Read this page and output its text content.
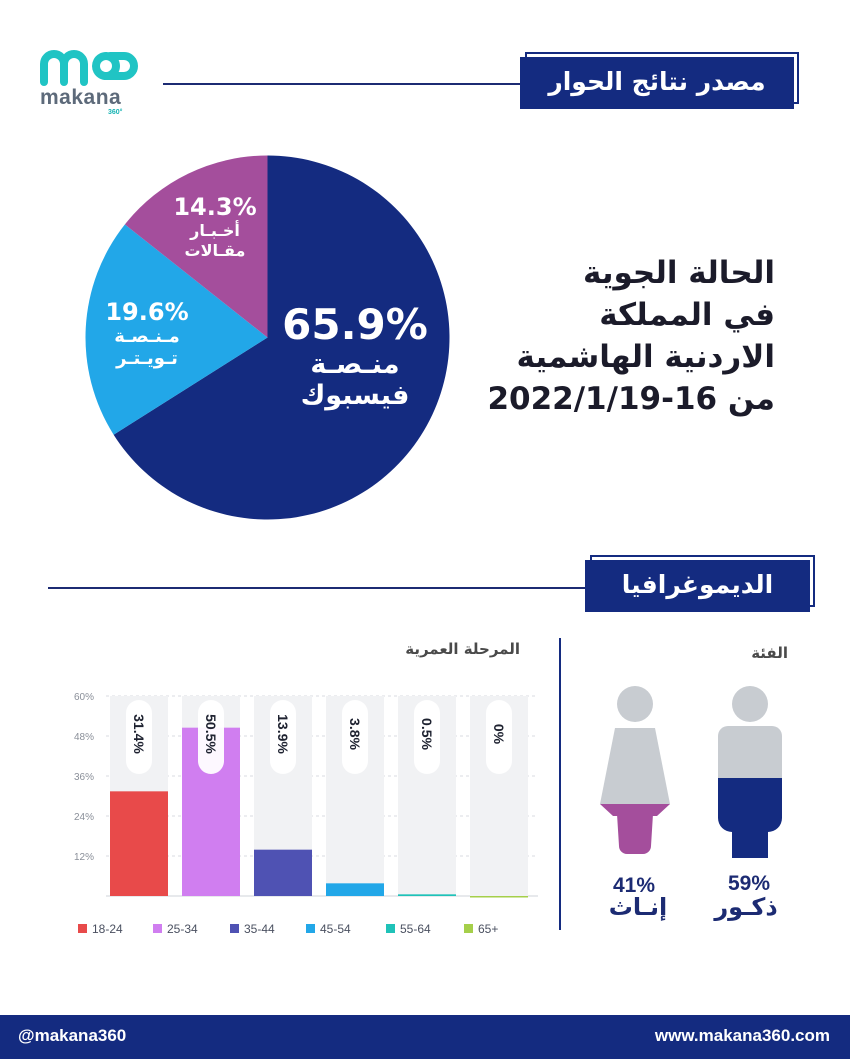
makana
360°
مصدر نتائج الحوار
65.9%
منـصـة
فيسبوك
19.6%
مـنـصـة
تـويـتـر
14.3%
أخـبـار
مقـالات
الحالة الجوية
في المملكة
الاردنية الهاشمية
من 16-2022/1/19
الديموغرافيا
المرحلة العمرية	الفئة
12%
24%
36%
48%
60%
31.4%	50.5%	13.9%	3.8%	0.5%	0%
18-24	25-34	35-44	45-54	55-64	65+
59%
ذكـور
41%
إنـاث
@makana360	www.makana360.com
